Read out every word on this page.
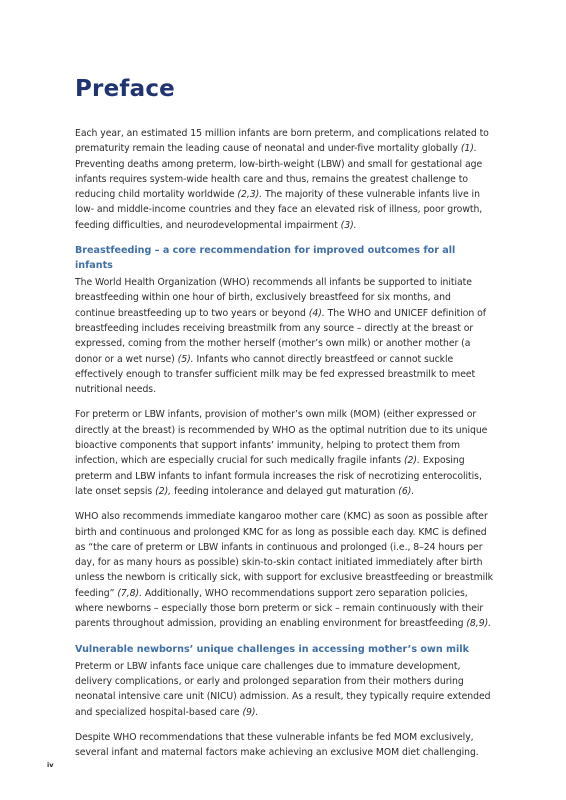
Preface

Each year, an estimated 15 million infants are born preterm, and complications related to prematurity remain the leading cause of neonatal and under-five mortality globally (1). Preventing deaths among preterm, low-birth-weight (LBW) and small for gestational age infants requires system-wide health care and thus, remains the greatest challenge to reducing child mortality worldwide (2,3). The majority of these vulnerable infants live in low- and middle-income countries and they face an elevated risk of illness, poor growth, feeding difficulties, and neurodevelopmental impairment (3).

Breastfeeding – a core recommendation for improved outcomes for all infants

The World Health Organization (WHO) recommends all infants be supported to initiate breastfeeding within one hour of birth, exclusively breastfeed for six months, and continue breastfeeding up to two years or beyond (4). The WHO and UNICEF definition of breastfeeding includes receiving breastmilk from any source – directly at the breast or expressed, coming from the mother herself (mother’s own milk) or another mother (a donor or a wet nurse) (5). Infants who cannot directly breastfeed or cannot suckle effectively enough to transfer sufficient milk may be fed expressed breastmilk to meet nutritional needs.

For preterm or LBW infants, provision of mother’s own milk (MOM) (either expressed or directly at the breast) is recommended by WHO as the optimal nutrition due to its unique bioactive components that support infants’ immunity, helping to protect them from infection, which are especially crucial for such medically fragile infants (2). Exposing preterm and LBW infants to infant formula increases the risk of necrotizing enterocolitis, late onset sepsis (2), feeding intolerance and delayed gut maturation (6).

WHO also recommends immediate kangaroo mother care (KMC) as soon as possible after birth and continuous and prolonged KMC for as long as possible each day. KMC is defined as “the care of preterm or LBW infants in continuous and prolonged (i.e., 8–24 hours per day, for as many hours as possible) skin-to-skin contact initiated immediately after birth unless the newborn is critically sick, with support for exclusive breastfeeding or breastmilk feeding” (7,8). Additionally, WHO recommendations support zero separation policies, where newborns – especially those born preterm or sick – remain continuously with their parents throughout admission, providing an enabling environment for breastfeeding (8,9).

Vulnerable newborns’ unique challenges in accessing mother’s own milk

Preterm or LBW infants face unique care challenges due to immature development, delivery complications, or early and prolonged separation from their mothers during neonatal intensive care unit (NICU) admission. As a result, they typically require extended and specialized hospital-based care (9).

Despite WHO recommendations that these vulnerable infants be fed MOM exclusively, several infant and maternal factors make achieving an exclusive MOM diet challenging.

iv
